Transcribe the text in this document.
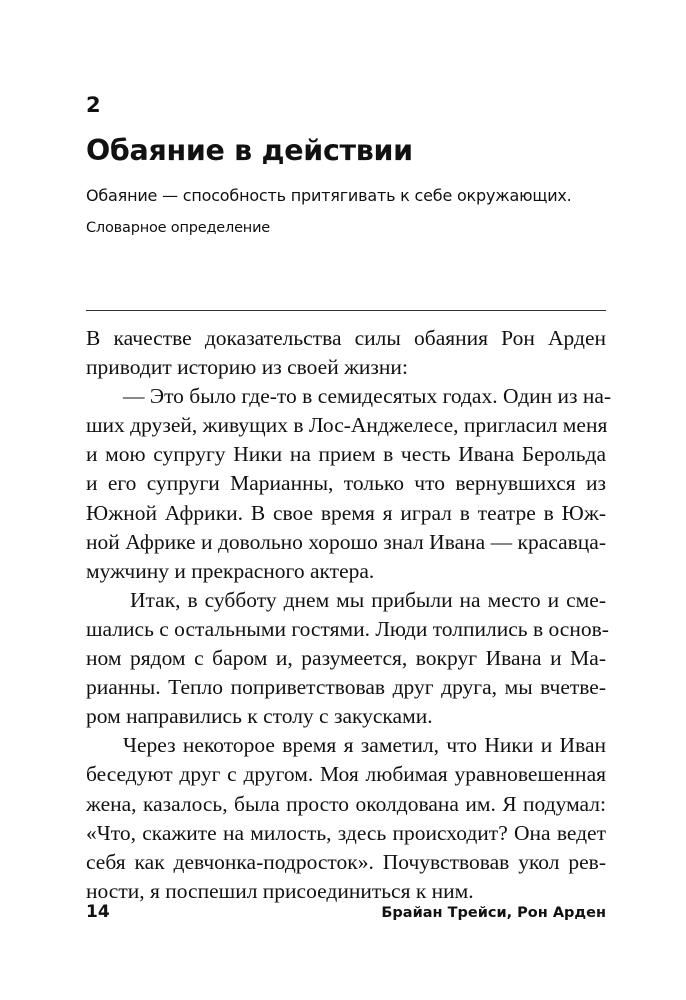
2
Обаяние в действии
Обаяние — способность притягивать к себе окружающих.
Словарное определение
В качестве доказательства силы обаяния Рон Арден
приводит историю из своей жизни:
— Это было где-то в семидесятых годах. Один из на-
ших друзей, живущих в Лос-Анджелесе, пригласил меня
и мою супругу Ники на прием в честь Ивана Берольда
и его супруги Марианны, только что вернувшихся из
Южной Африки. В свое время я играл в театре в Юж-
ной Африке и довольно хорошо знал Ивана — красавца-
мужчину и прекрасного актера.
Итак, в субботу днем мы прибыли на место и сме-
шались с остальными гостями. Люди толпились в основ-
ном рядом с баром и, разумеется, вокруг Ивана и Ма-
рианны. Тепло поприветствовав друг друга, мы вчетве-
ром направились к столу с закусками.
Через некоторое время я заметил, что Ники и Иван
беседуют друг с другом. Моя любимая уравновешенная
жена, казалось, была просто околдована им. Я подумал:
«Что, скажите на милость, здесь происходит? Она ведет
себя как девчонка-подросток». Почувствовав укол рев-
ности, я поспешил присоединиться к ним.
14	Брайан Трейси, Рон Арден
